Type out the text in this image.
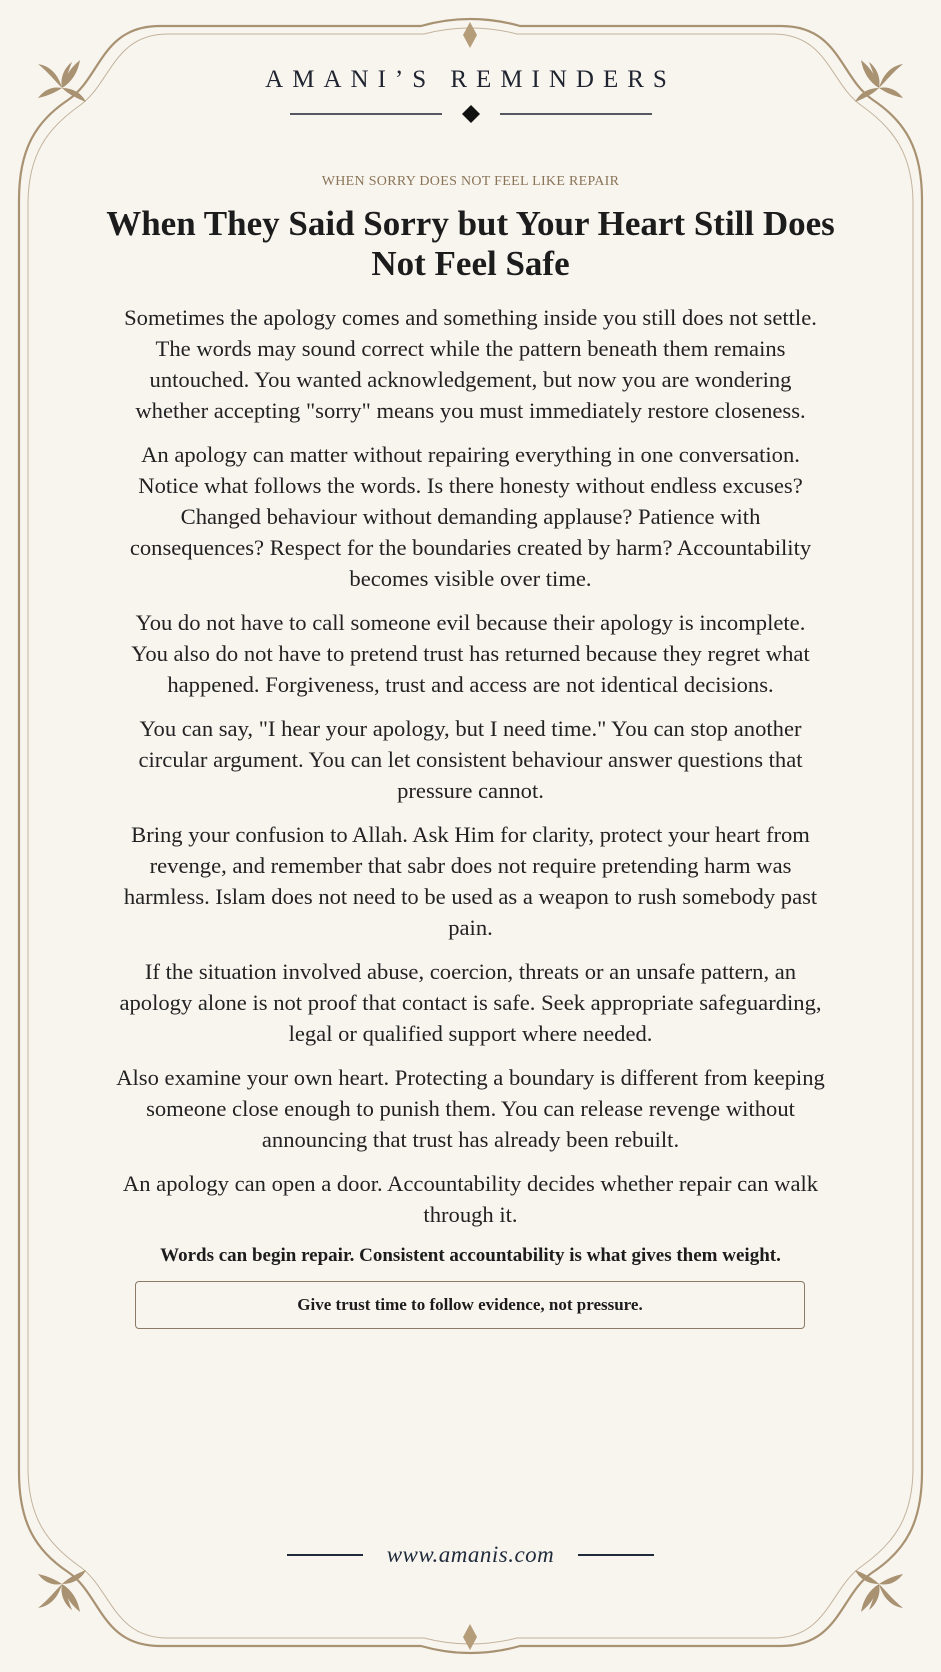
AMANI’S REMINDERS
WHEN SORRY DOES NOT FEEL LIKE REPAIR
When They Said Sorry but Your Heart Still Does Not Feel Safe

Sometimes the apology comes and something inside you still does not settle. The words may sound correct while the pattern beneath them remains untouched. You wanted acknowledgement, but now you are wondering whether accepting "sorry" means you must immediately restore closeness.

An apology can matter without repairing everything in one conversation. Notice what follows the words. Is there honesty without endless excuses? Changed behaviour without demanding applause? Patience with consequences? Respect for the boundaries created by harm? Accountability becomes visible over time.

You do not have to call someone evil because their apology is incomplete. You also do not have to pretend trust has returned because they regret what happened. Forgiveness, trust and access are not identical decisions.

You can say, "I hear your apology, but I need time." You can stop another circular argument. You can let consistent behaviour answer questions that pressure cannot.

Bring your confusion to Allah. Ask Him for clarity, protect your heart from revenge, and remember that sabr does not require pretending harm was harmless. Islam does not need to be used as a weapon to rush somebody past pain.

If the situation involved abuse, coercion, threats or an unsafe pattern, an apology alone is not proof that contact is safe. Seek appropriate safeguarding, legal or qualified support where needed.

Also examine your own heart. Protecting a boundary is different from keeping someone close enough to punish them. You can release revenge without announcing that trust has already been rebuilt.

An apology can open a door. Accountability decides whether repair can walk through it.

Words can begin repair. Consistent accountability is what gives them weight.

Give trust time to follow evidence, not pressure.
www.amanis.com
